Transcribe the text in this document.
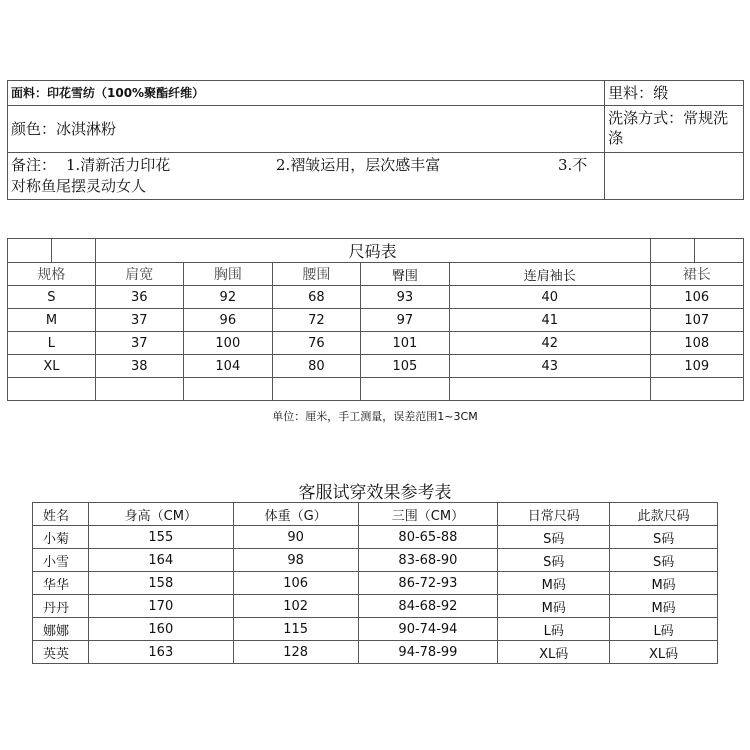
面料：印花雪纺（100%聚酯纤维）	里料：缎
颜色：冰淇淋粉	洗涤方式：常规洗涤

备注： 1.清新活力印花 2.褶皱运用，层次感丰富 3.不
对称鱼尾摆灵动女人	

		尺码表						
规格		肩宽	胸围	腰围	臀围	连肩袖长	裙长	
S		36	92	68	93	40	106	
M		37	96	72	97	41	107	
L		37	100	76	101	42	108	
XL		38	104	80	105	43	109	

单位：厘米，手工测量，误差范围1~3CM
客服试穿效果参考表
姓名	身高（CM）	体重（G）	三围（CM）	日常尺码	此款尺码
小菊	155	90	80-65-88	S码	S码
小雪	164	98	83-68-90	S码	S码
华华	158	106	86-72-93	M码	M码
丹丹	170	102	84-68-92	M码	M码
娜娜	160	115	90-74-94	L码	L码
英英	163	128	94-78-99	XL码	XL码
